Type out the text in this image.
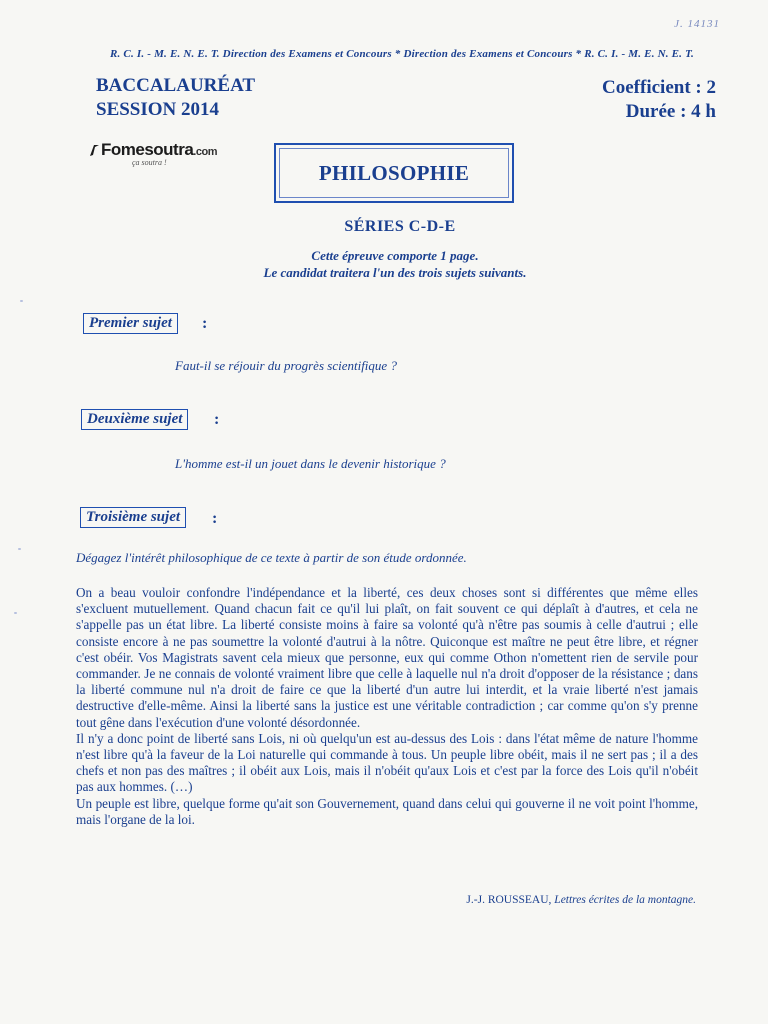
J. 14131
R. C. I. - M. E. N. E. T. Direction des Examens et Concours * Direction des Examens et Concours * R. C. I. - M. E. N. E. T.
BACCALAURÉAT
SESSION 2014
Coefficient : 2
Durée : 4 h
Fomesoutra.com
ça soutra !	PHILOSOPHIE
SÉRIES C-D-E
Cette épreuve comporte 1 page.
Le candidat traitera l'un des trois sujets suivants.
Premier sujet	:
Faut-il se réjouir du progrès scientifique ?
Deuxième sujet	:
L'homme est-il un jouet dans le devenir historique ?
Troisième sujet	:
Dégagez l'intérêt philosophique de ce texte à partir de son étude ordonnée.

On a beau vouloir confondre l'indépendance et la liberté, ces deux choses sont si différentes que même elles s'excluent mutuellement. Quand chacun fait ce qu'il lui plaît, on fait souvent ce qui déplaît à d'autres, et cela ne s'appelle pas un état libre. La liberté consiste moins à faire sa volonté qu'à n'être pas soumis à celle d'autrui ; elle consiste encore à ne pas soumettre la volonté d'autrui à la nôtre. Quiconque est maître ne peut être libre, et régner c'est obéir. Vos Magistrats savent cela mieux que personne, eux qui comme Othon n'omettent rien de servile pour commander. Je ne connais de volonté vraiment libre que celle à laquelle nul n'a droit d'opposer de la résistance ; dans la liberté commune nul n'a droit de faire ce que la liberté d'un autre lui interdit, et la vraie liberté n'est jamais destructive d'elle-même. Ainsi la liberté sans la justice est une véritable contradiction ; car comme qu'on s'y prenne tout gêne dans l'exécution d'une volonté désordonnée.

Il n'y a donc point de liberté sans Lois, ni où quelqu'un est au-dessus des Lois : dans l'état même de nature l'homme n'est libre qu'à la faveur de la Loi naturelle qui commande à tous. Un peuple libre obéit, mais il ne sert pas ; il a des chefs et non pas des maîtres ; il obéit aux Lois, mais il n'obéit qu'aux Lois et c'est par la force des Lois qu'il n'obéit pas aux hommes. (…)

Un peuple est libre, quelque forme qu'ait son Gouvernement, quand dans celui qui gouverne il ne voit point l'homme, mais l'organe de la loi.

J.-J. ROUSSEAU, Lettres écrites de la montagne.
